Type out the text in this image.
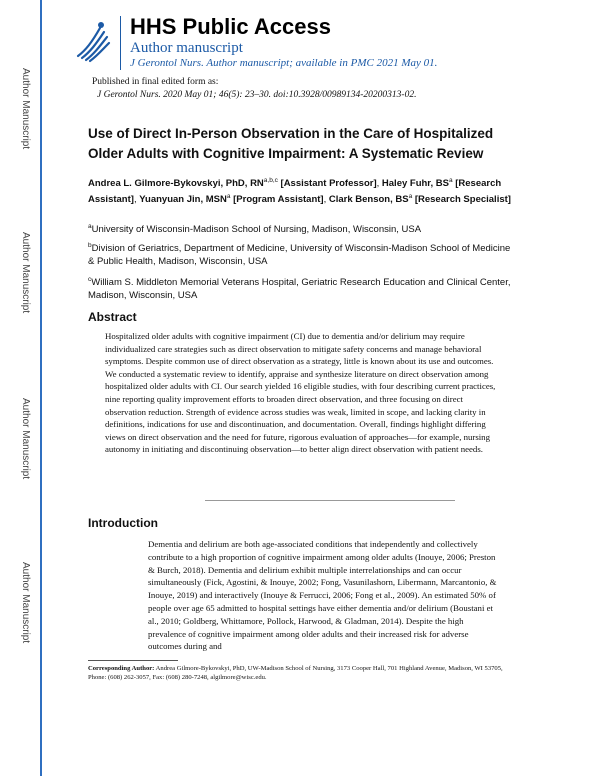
Author Manuscript
Author Manuscript
Author Manuscript
Author Manuscript
HHS Public Access
Author manuscript
J Gerontol Nurs. Author manuscript; available in PMC 2021 May 01.
Published in final edited form as:
J Gerontol Nurs. 2020 May 01; 46(5): 23–30. doi:10.3928/00989134-20200313-02.
Use of Direct In-Person Observation in the Care of Hospitalized Older Adults with Cognitive Impairment: A Systematic Review
Andrea L. Gilmore-Bykovskyi, PhD, RN$^{a,b,c}$ [Assistant Professor], Haley Fuhr, $BS^a$ [Research Assistant], Yuanyuan Jin, MSN$^a$ [Program Assistant], Clark Benson, $BS^a$ [Research Specialist]
$^a$University of Wisconsin-Madison School of Nursing, Madison, Wisconsin, USA
$^b$Division of Geriatrics, Department of Medicine, University of Wisconsin-Madison School of Medicine & Public Health, Madison, Wisconsin, USA
$^c$William S. Middleton Memorial Veterans Hospital, Geriatric Research Education and Clinical Center, Madison, Wisconsin, USA
Abstract
Hospitalized older adults with cognitive impairment (CI) due to dementia and/or delirium may require individualized care strategies such as direct observation to mitigate safety concerns and manage behavioral symptoms. Despite common use of direct observation as a strategy, little is known about its use and outcomes. We conducted a systematic review to identify, appraise and synthesize literature on direct observation among hospitalized older adults with CI. Our search yielded 16 eligible studies, with four describing current practices, nine reporting quality improvement efforts to broaden direct observation, and three focusing on direct observation reduction. Strength of evidence across studies was weak, limited in scope, and lacking clarity in definitions, indications for use and discontinuation, and documentation. Overall, findings highlight differing views on direct observation and the need for future, rigorous evaluation of approaches—for example, nursing autonomy in initiating and discontinuing observation—to better align direct observation with patient needs.
Introduction
Dementia and delirium are both age-associated conditions that independently and collectively contribute to a high proportion of cognitive impairment among older adults (Inouye, 2006; Preston & Burch, 2018). Dementia and delirium exhibit multiple interrelationships and can occur simultaneously (Fick, Agostini, & Inouye, 2002; Fong, Vasunilashorn, Libermann, Marcantonio, & Inouye, 2019) and interactively (Inouye & Ferrucci, 2006; Fong et al., 2009). An estimated 50% of people over age 65 admitted to hospital settings have either dementia and/or delirium (Boustani et al., 2010; Goldberg, Whittamore, Pollock, Harwood, & Gladman, 2014). Despite the high prevalence of cognitive impairment among older adults and their increased risk for adverse outcomes during and
Corresponding Author: Andrea Gilmore-Bykovskyi, PhD, UW-Madison School of Nursing, 3173 Cooper Hall, 701 Highland Avenue, Madison, WI 53705, Phone: (608) 262-3057, Fax: (608) 280-7248, algilmore@wisc.edu.
